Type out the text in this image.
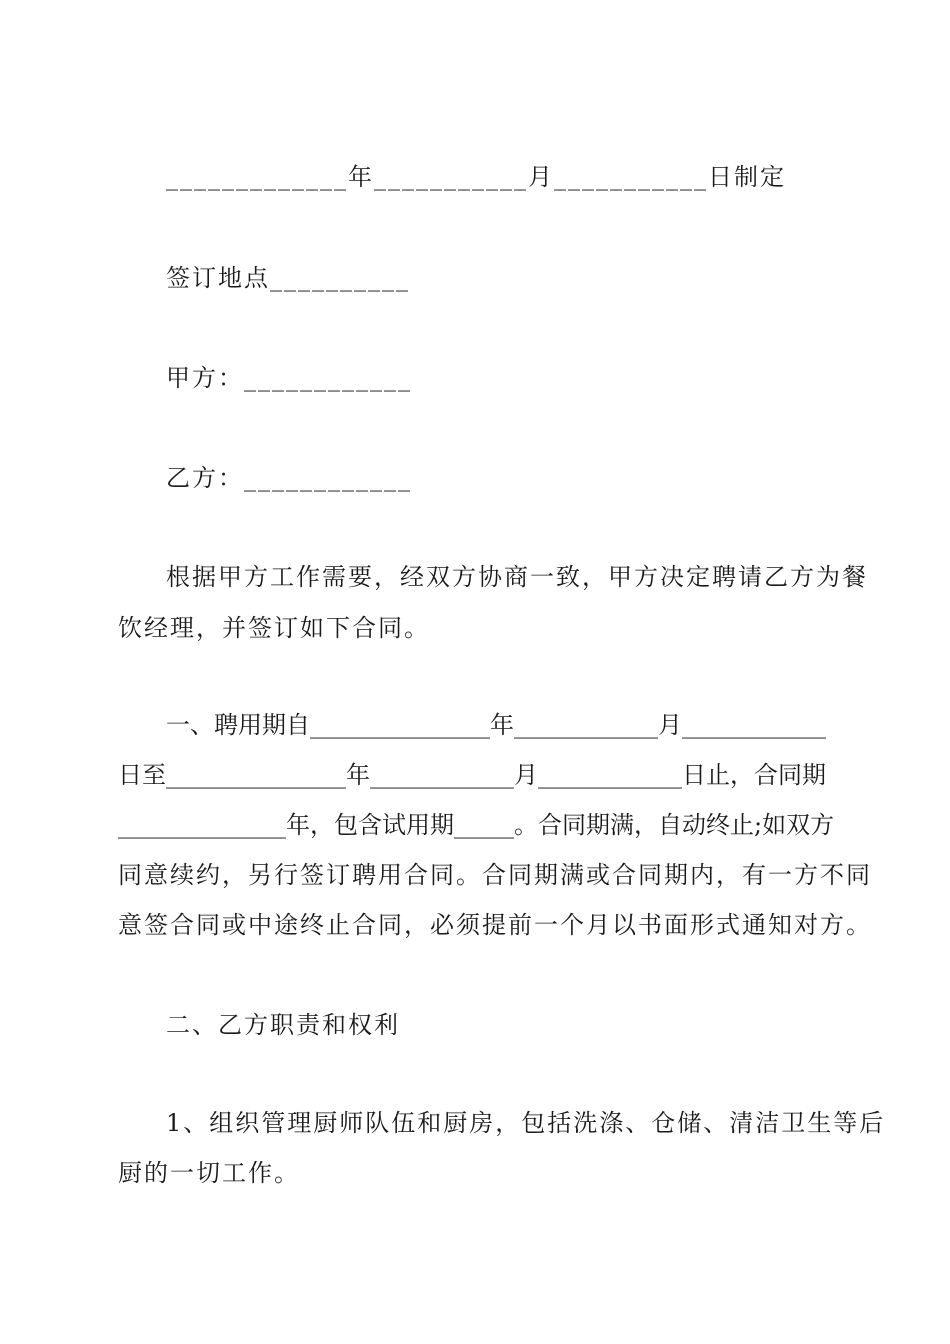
_____________年___________月___________日制定
签订地点__________
甲方：____________
乙方：____________
根据甲方工作需要，经双方协商一致，甲方决定聘请乙方为餐
饮经理，并签订如下合同。
一、聘用期自_______________年____________月____________
日至_______________年____________月____________日止，合同期
______________年，包含试用期_____。合同期满，自动终止;如双方
同意续约，另行签订聘用合同。合同期满或合同期内，有一方不同
意签合同或中途终止合同，必须提前一个月以书面形式通知对方。
二、乙方职责和权利
1、组织管理厨师队伍和厨房，包括洗涤、仓储、清洁卫生等后
厨的一切工作。
